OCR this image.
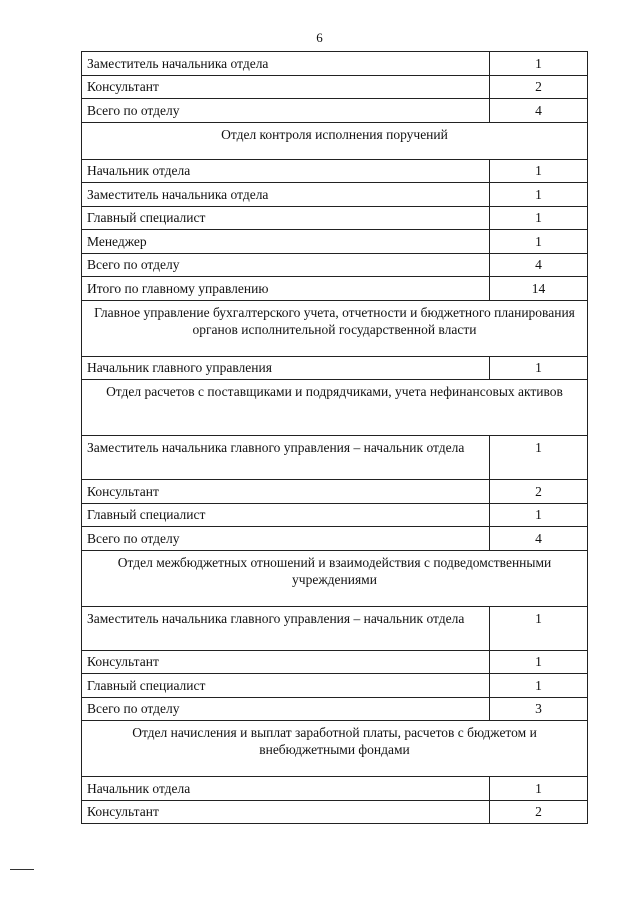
6
Заместитель начальника отдела	1
Консультант	2
Всего по отделу	4
Отдел контроля исполнения поручений	
Начальник отдела	1
Заместитель начальника отдела	1
Главный специалист	1
Менеджер	1
Всего по отделу	4
Итого по главному управлению	14
Главное управление бухгалтерского учета, отчетности и бюджетного планирования органов исполнительной государственной власти	
Начальник главного управления	1
Отдел расчетов с поставщиками и подрядчиками, учета нефинансовых активов	
Заместитель начальника главного управления – начальник отдела	1
Консультант	2
Главный специалист	1
Всего по отделу	4
Отдел межбюджетных отношений и взаимодействия с подведомственными учреждениями	
Заместитель начальника главного управления – начальник отдела	1
Консультант	1
Главный специалист	1
Всего по отделу	3
Отдел начисления и выплат заработной платы, расчетов с бюджетом и внебюджетными фондами	
Начальник отдела	1
Консультант	2
